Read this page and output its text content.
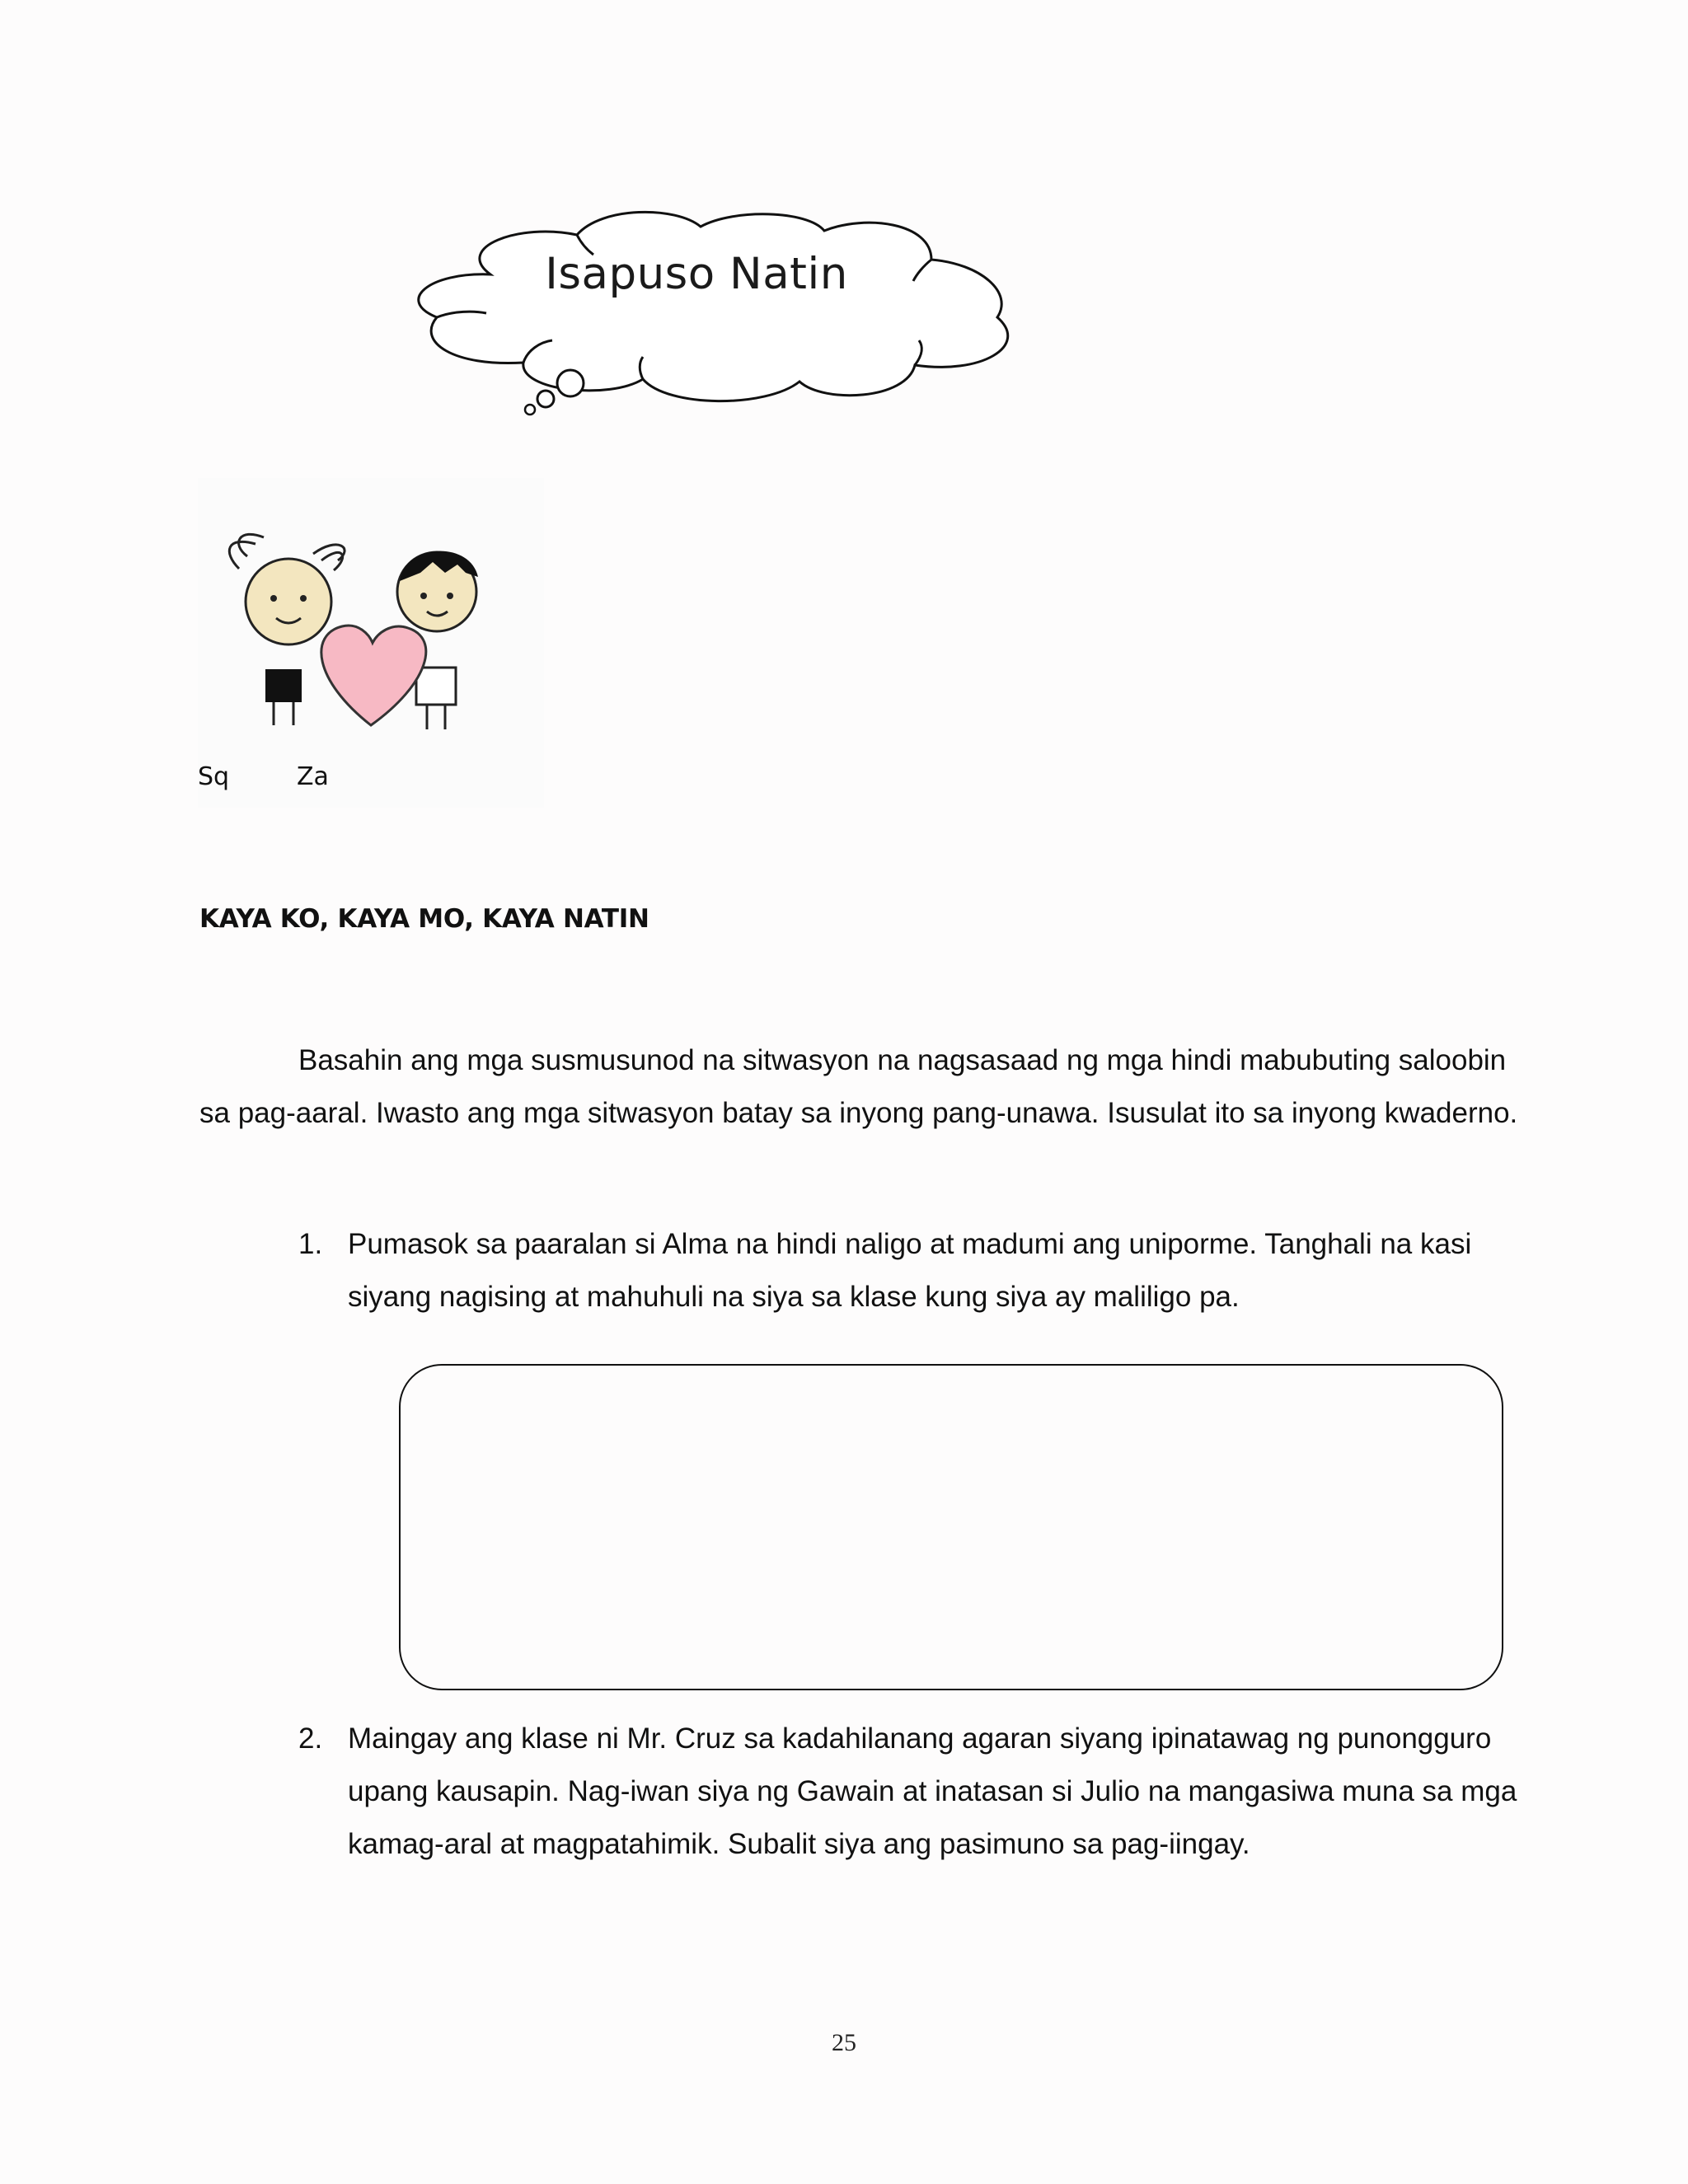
Isapuso Natin
Sq	Za
KAYA KO, KAYA MO, KAYA NATIN
Basahin ang mga susmusunod na sitwasyon na nagsasaad ng mga hindi mabubuting saloobin sa pag-aaral. Iwasto ang mga sitwasyon batay sa inyong pang-unawa. Isusulat ito sa inyong kwaderno.
1. Pumasok sa paaralan si Alma na hindi naligo at madumi ang uniporme. Tanghali na kasi siyang nagising at mahuhuli na siya sa klase kung siya ay maliligo pa.
2. Maingay ang klase ni Mr. Cruz sa kadahilanang agaran siyang ipinatawag ng punongguro upang kausapin. Nag-iwan siya ng Gawain at inatasan si Julio na mangasiwa muna sa mga kamag-aral at magpatahimik. Subalit siya ang pasimuno sa pag-iingay.
25
